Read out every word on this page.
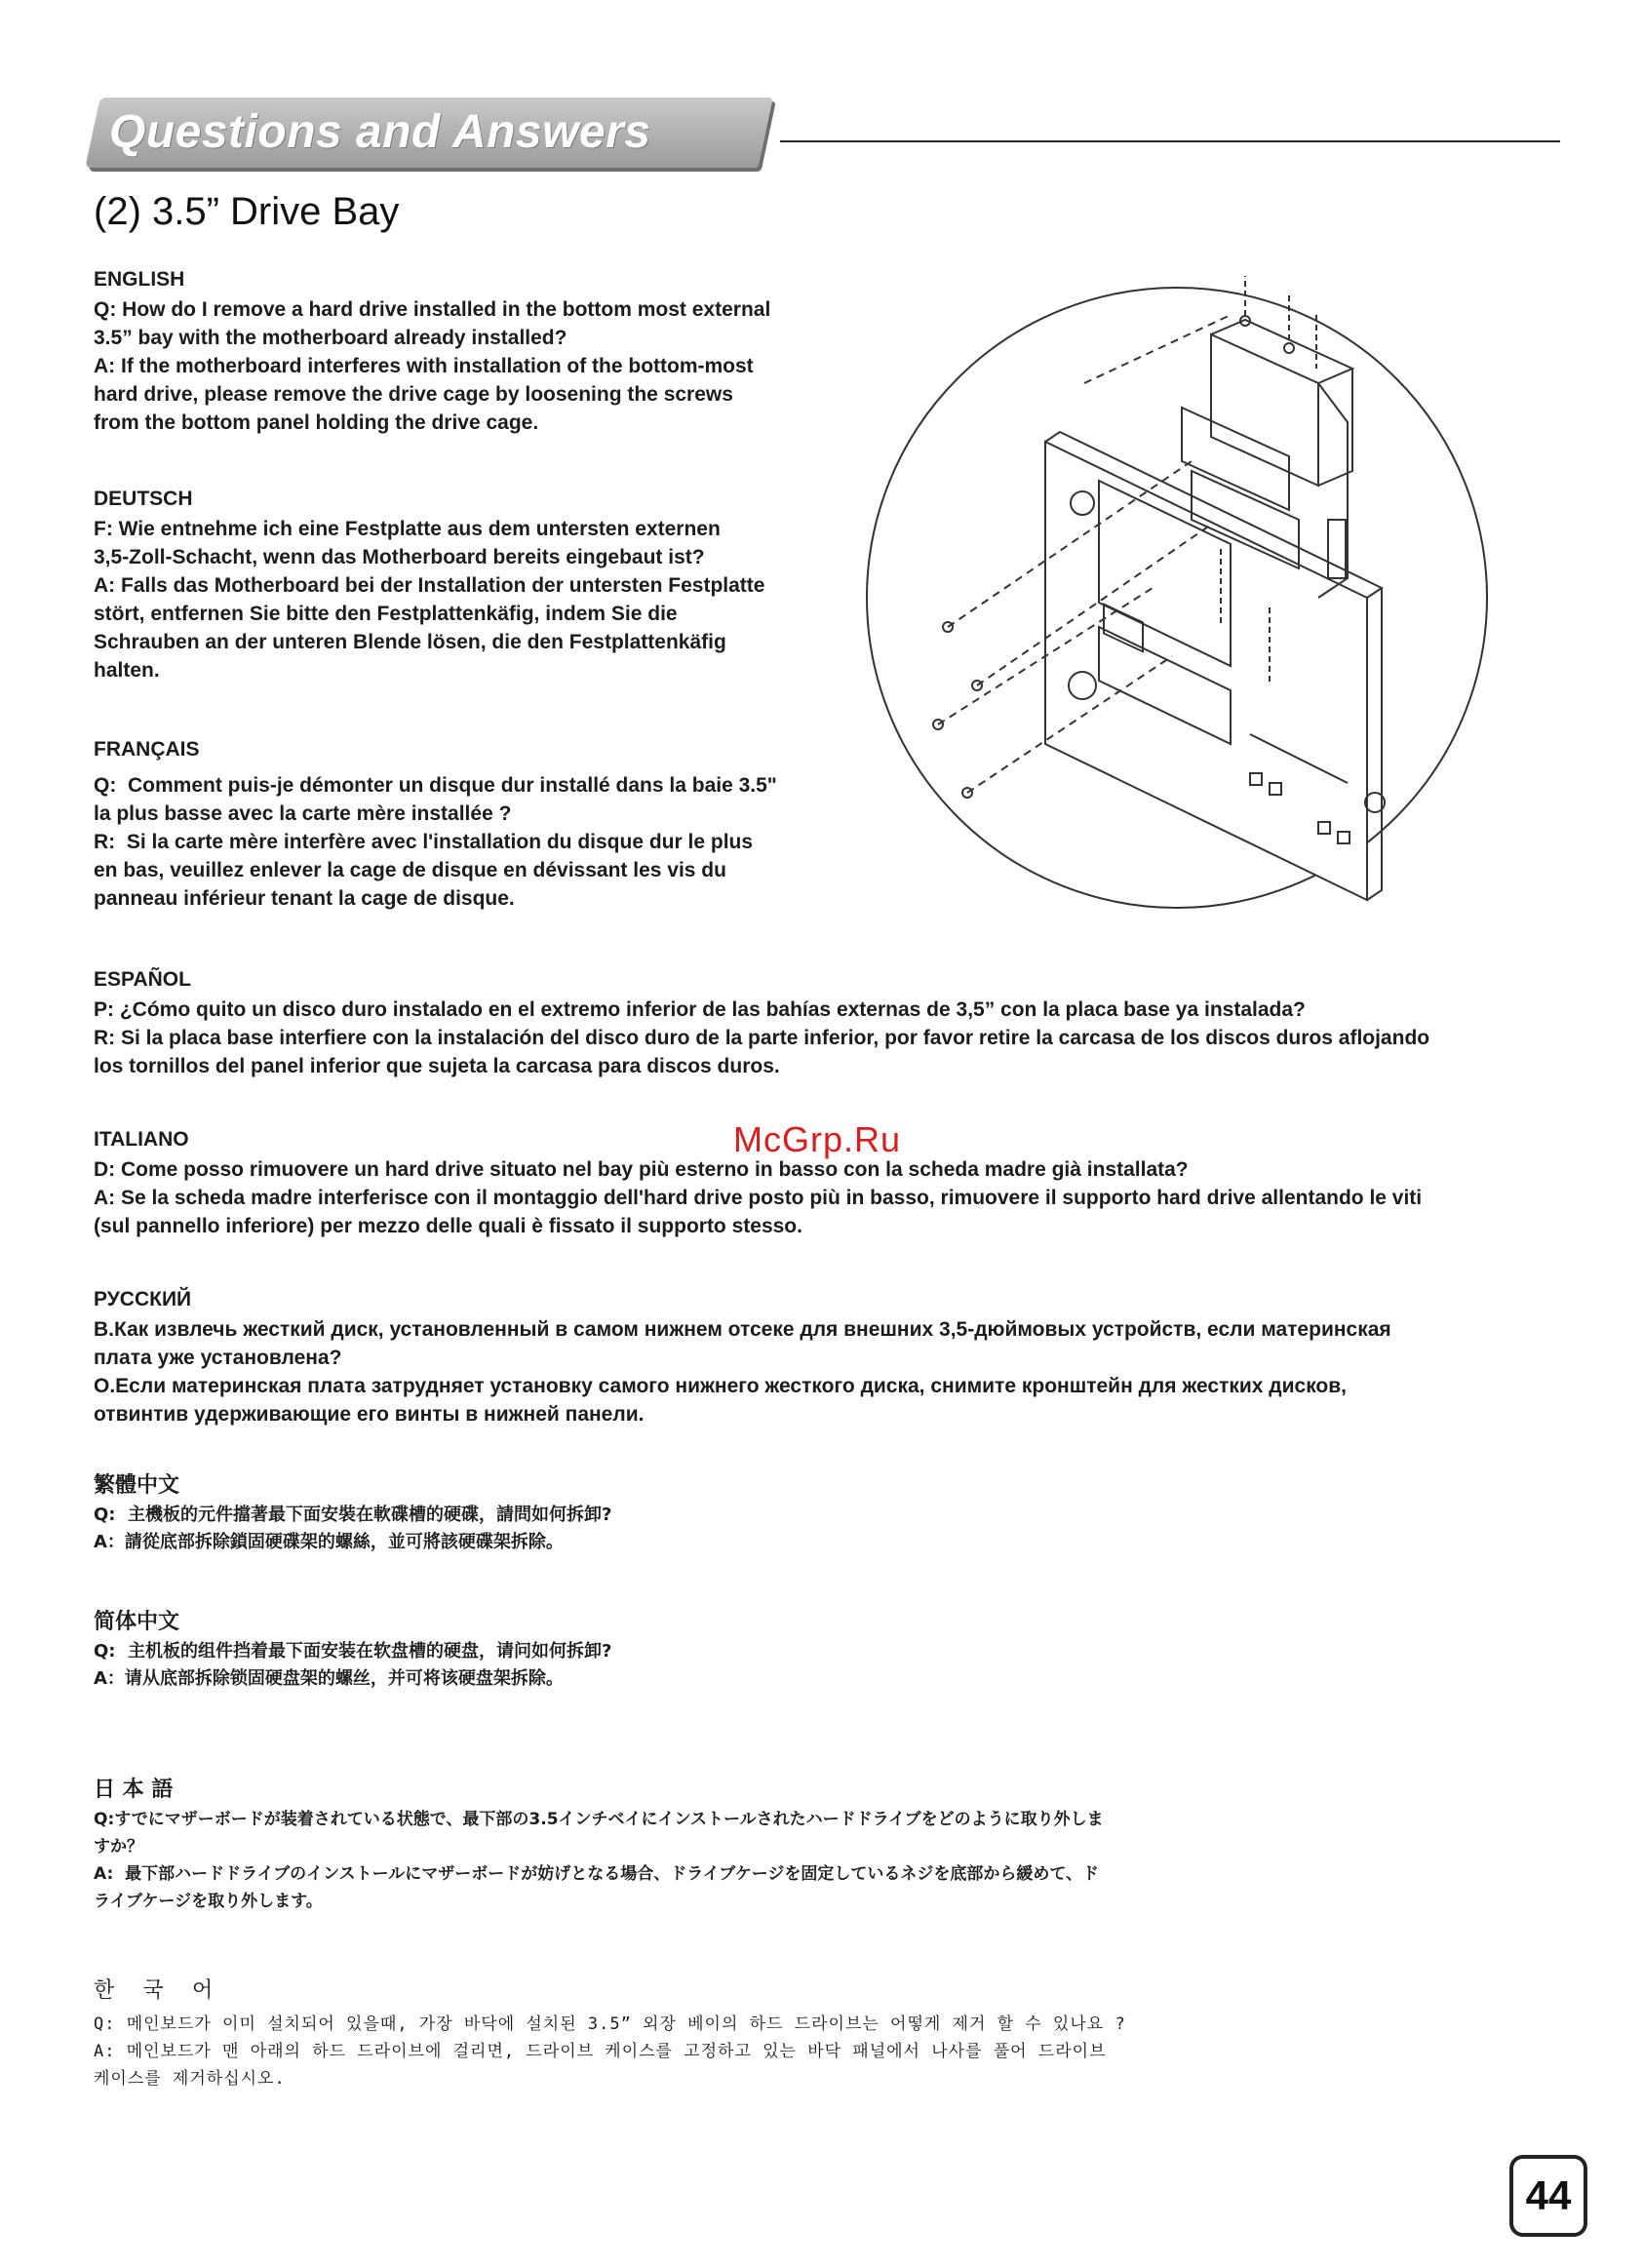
Questions and Answers
(2) 3.5” Drive Bay
ENGLISH

Q: How do I remove a hard drive installed in the bottom most external

3.5” bay with the motherboard already installed?

A: If the motherboard interferes with installation of the bottom-most

hard drive, please remove the drive cage by loosening the screws

from the bottom panel holding the drive cage.

DEUTSCH

F: Wie entnehme ich eine Festplatte aus dem untersten externen

3,5-Zoll-Schacht, wenn das Motherboard bereits eingebaut ist?

A: Falls das Motherboard bei der Installation der untersten Festplatte

stört, entfernen Sie bitte den Festplattenkäfig, indem Sie die

Schrauben an der unteren Blende lösen, die den Festplattenkäfig

halten.

FRANÇAIS

Q:  Comment puis-je démonter un disque dur installé dans la baie 3.5"

la plus basse avec la carte mère installée ?

R:  Si la carte mère interfère avec l'installation du disque dur le plus

en bas, veuillez enlever la cage de disque en dévissant les vis du

panneau inférieur tenant la cage de disque.

ESPAÑOL

P: ¿Cómo quito un disco duro instalado en el extremo inferior de las bahías externas de 3,5” con la placa base ya instalada?

R: Si la placa base interfiere con la instalación del disco duro de la parte inferior, por favor retire la carcasa de los discos duros aflojando

los tornillos del panel inferior que sujeta la carcasa para discos duros.

ITALIANO

D: Come posso rimuovere un hard drive situato nel bay più esterno in basso con la scheda madre già installata?

A: Se la scheda madre interferisce con il montaggio dell'hard drive posto più in basso, rimuovere il supporto hard drive allentando le viti

(sul pannello inferiore) per mezzo delle quali è fissato il supporto stesso.

РУССКИЙ

В.Как извлечь жесткий диск, установленный в самом нижнем отсеке для внешних 3,5-дюймовых устройств, если материнская

плата уже установлена?

О.Если материнская плата затрудняет установку самого нижнего жесткого диска, снимите кронштейн для жестких дисков,

отвинтив удерживающие его винты в нижней панели.

繁體中文

Q:  主機板的元件擋著最下面安裝在軟碟槽的硬碟，請問如何拆卸?

A：請從底部拆除鎖固硬碟架的螺絲，並可將該硬碟架拆除。

简体中文

Q:  主机板的组件挡着最下面安装在软盘槽的硬盘，请问如何拆卸?

A：请从底部拆除锁固硬盘架的螺丝，并可将该硬盘架拆除。

日 本 語

Q:すでにマザーボードが装着されている状態で、最下部の3.5インチベイにインストールされたハードドライブをどのように取り外しま

すか？

A:  最下部ハードドライブのインストールにマザーボードが妨げとなる場合、ドライブケージを固定しているネジを底部から緩めて、ド

ライブケージを取り外します。

한 국 어

Q: 메인보드가 이미 설치되어 있을때, 가장 바닥에 설치된 3.5” 외장 베이의 하드 드라이브는 어떻게 제거 할 수 있나요 ?

A: 메인보드가 맨 아래의 하드 드라이브에 걸리면, 드라이브 케이스를 고정하고 있는 바닥 패널에서 나사를 풀어 드라이브

케이스를 제거하십시오.

McGrp.Ru
44
